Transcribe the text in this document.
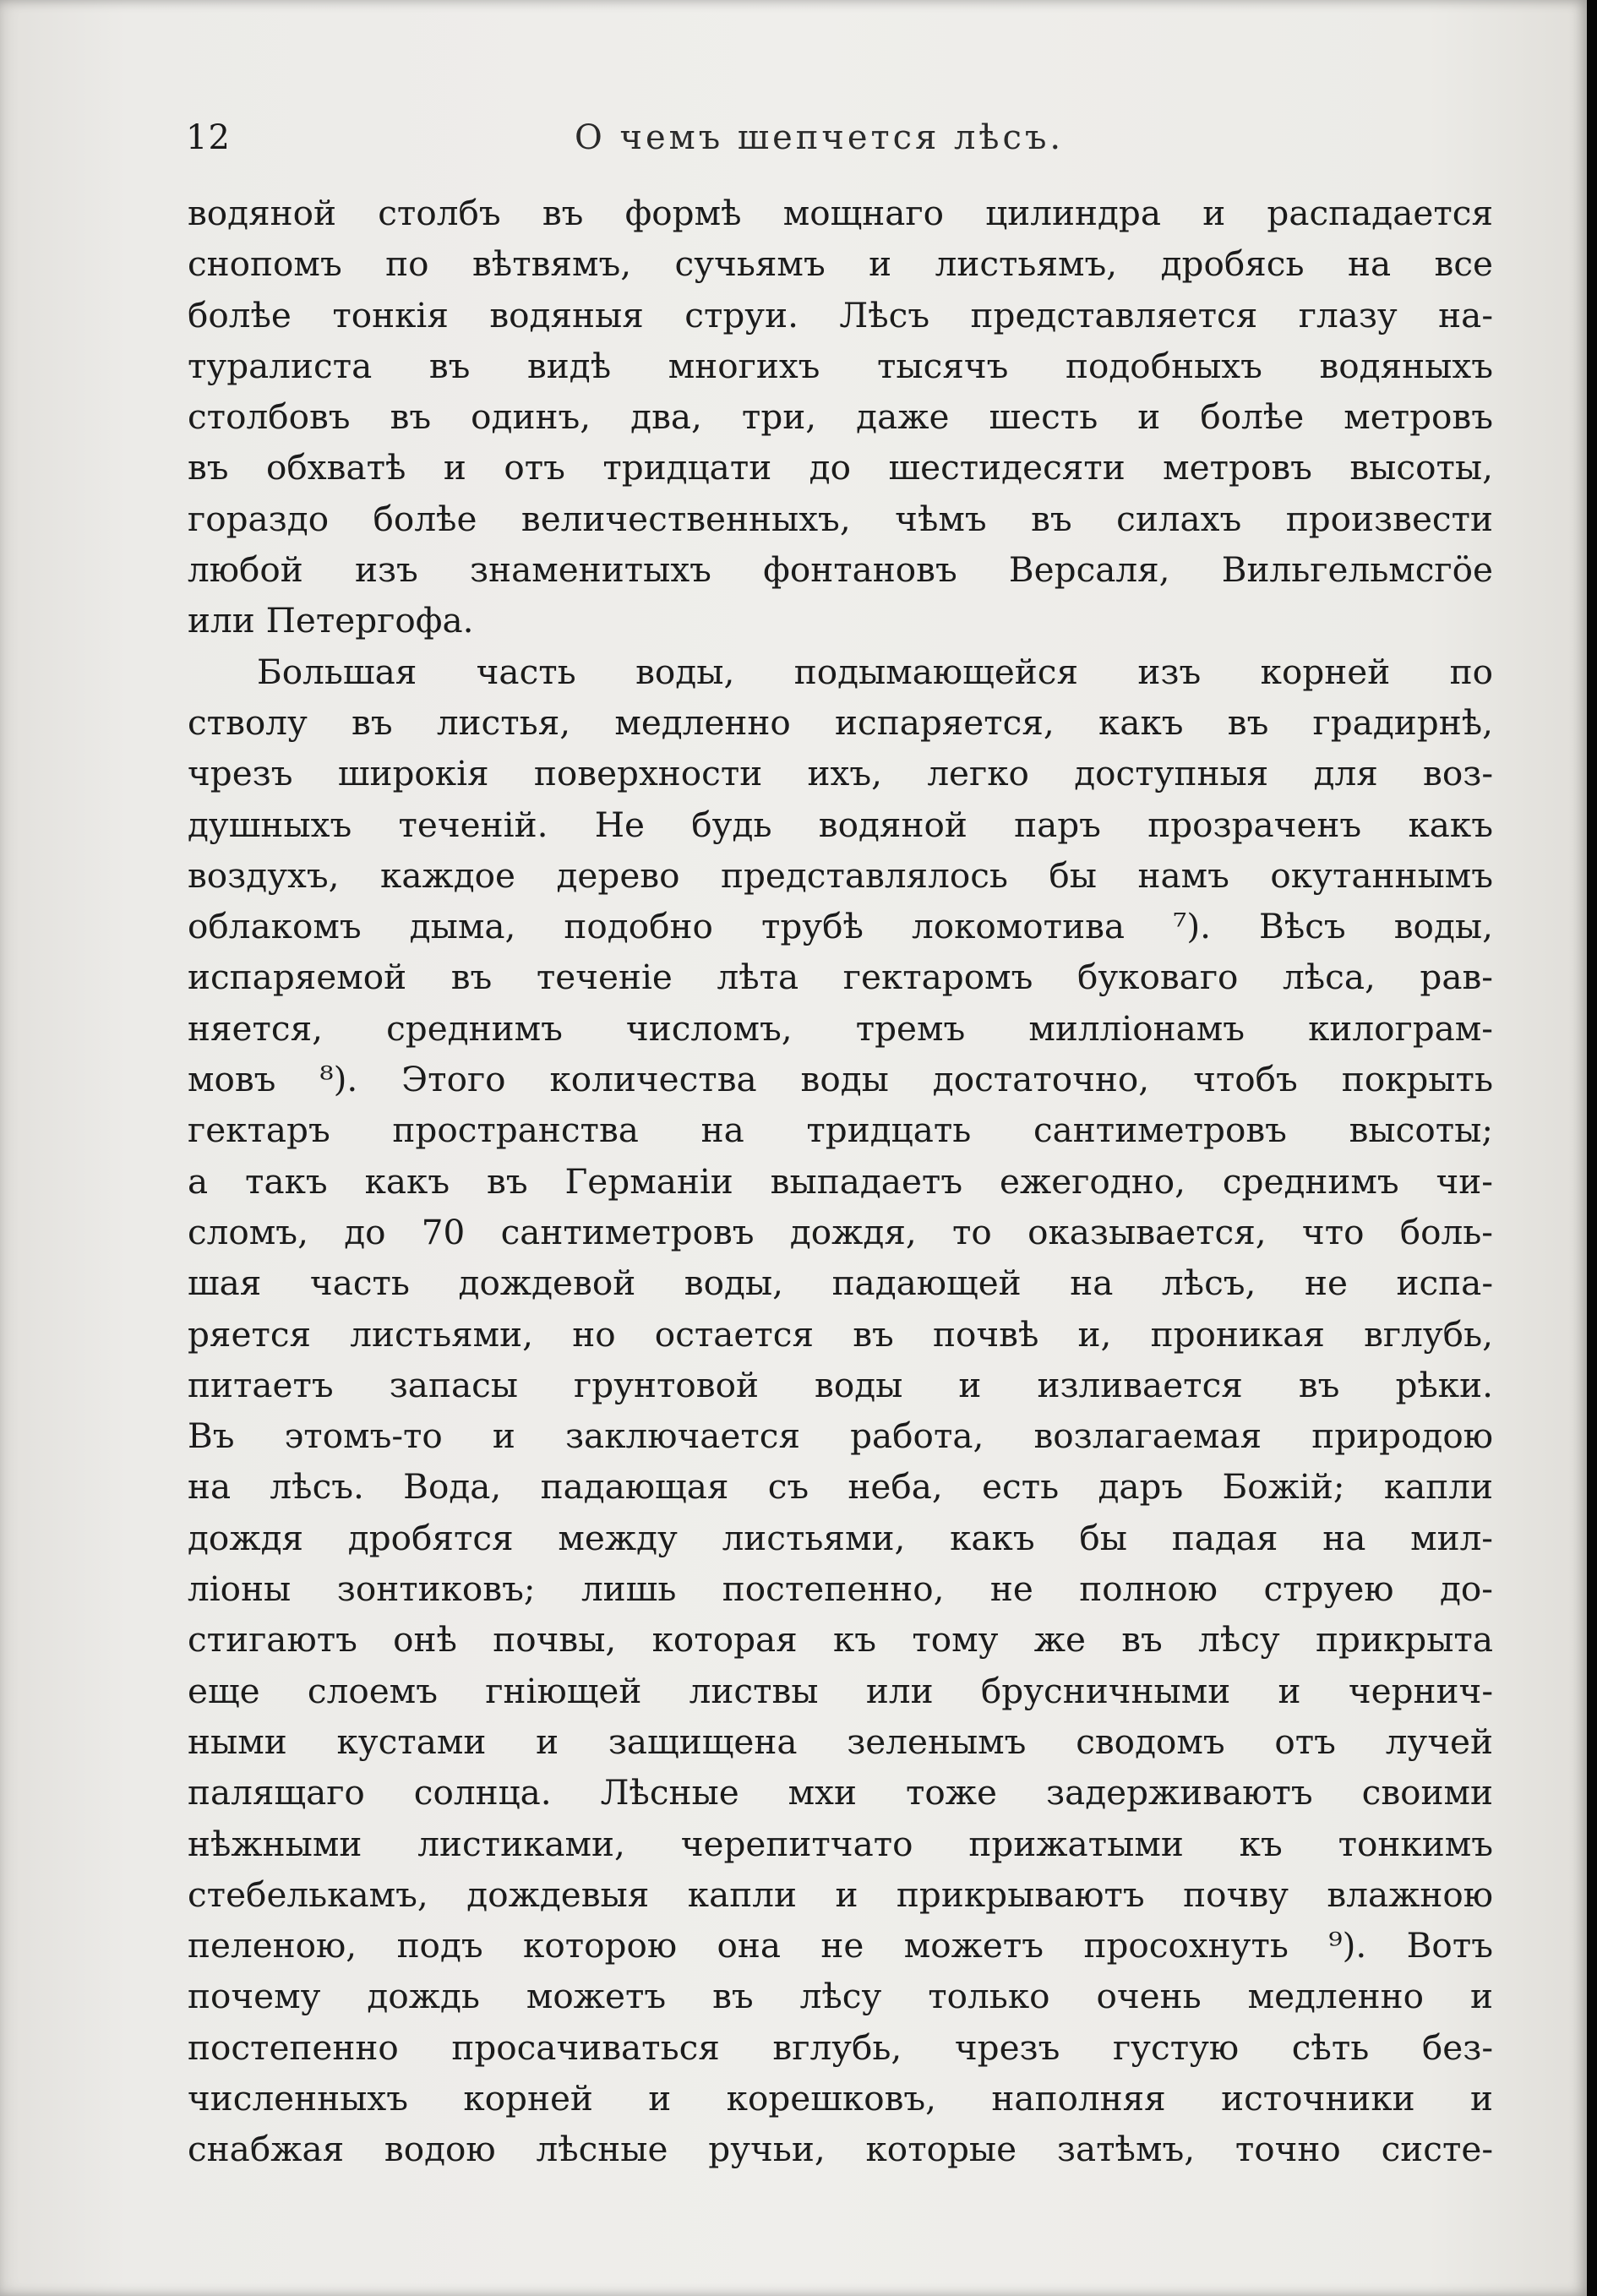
12	О чемъ шепчется лѣсъ.
водяной столбъ въ формѣ мощнаго цилиндра и распадается
снопомъ по вѣтвямъ, сучьямъ и листьямъ, дробясь на все
болѣе тонкія водяныя струи. Лѣсъ представляется глазу на-
туралиста въ видѣ многихъ тысячъ подобныхъ водяныхъ
столбовъ въ одинъ, два, три, даже шесть и болѣе метровъ
въ обхватѣ и отъ тридцати до шестидесяти метровъ высоты,
гораздо болѣе величественныхъ, чѣмъ въ силахъ произвести
любой изъ знаменитыхъ фонтановъ Версаля, Вильгельмсгöе
или Петергофа.
Большая часть воды, подымающейся изъ корней по
стволу въ листья, медленно испаряется, какъ въ градирнѣ,
чрезъ широкія поверхности ихъ, легко доступныя для воз-
душныхъ теченій. Не будь водяной паръ прозраченъ какъ
воздухъ, каждое дерево представлялось бы намъ окутаннымъ
облакомъ дыма, подобно трубѣ локомотива ⁷). Вѣсъ воды,
испаряемой въ теченіе лѣта гектаромъ буковаго лѣса, рав-
няется, среднимъ числомъ, тремъ милліонамъ килограм-
мовъ ⁸). Этого количества воды достаточно, чтобъ покрыть
гектаръ пространства на тридцать сантиметровъ высоты;
а такъ какъ въ Германіи выпадаетъ ежегодно, среднимъ чи-
сломъ, до 70 сантиметровъ дождя, то оказывается, что боль-
шая часть дождевой воды, падающей на лѣсъ, не испа-
ряется листьями, но остается въ почвѣ и, проникая вглубь,
питаетъ запасы грунтовой воды и изливается въ рѣки.
Въ этомъ-то и заключается работа, возлагаемая природою
на лѣсъ. Вода, падающая съ неба, есть даръ Божій; капли
дождя дробятся между листьями, какъ бы падая на мил-
ліоны зонтиковъ; лишь постепенно, не полною струею до-
стигаютъ онѣ почвы, которая къ тому же въ лѣсу прикрыта
еще слоемъ гніющей листвы или брусничными и чернич-
ными кустами и защищена зеленымъ сводомъ отъ лучей
палящаго солнца. Лѣсные мхи тоже задерживаютъ своими
нѣжными листиками, черепитчато прижатыми къ тонкимъ
стебелькамъ, дождевыя капли и прикрываютъ почву влажною
пеленою, подъ которою она не можетъ просохнуть ⁹). Вотъ
почему дождь можетъ въ лѣсу только очень медленно и
постепенно просачиваться вглубь, чрезъ густую сѣть без-
численныхъ корней и корешковъ, наполняя источники и
снабжая водою лѣсные ручьи, которые затѣмъ, точно систе-
